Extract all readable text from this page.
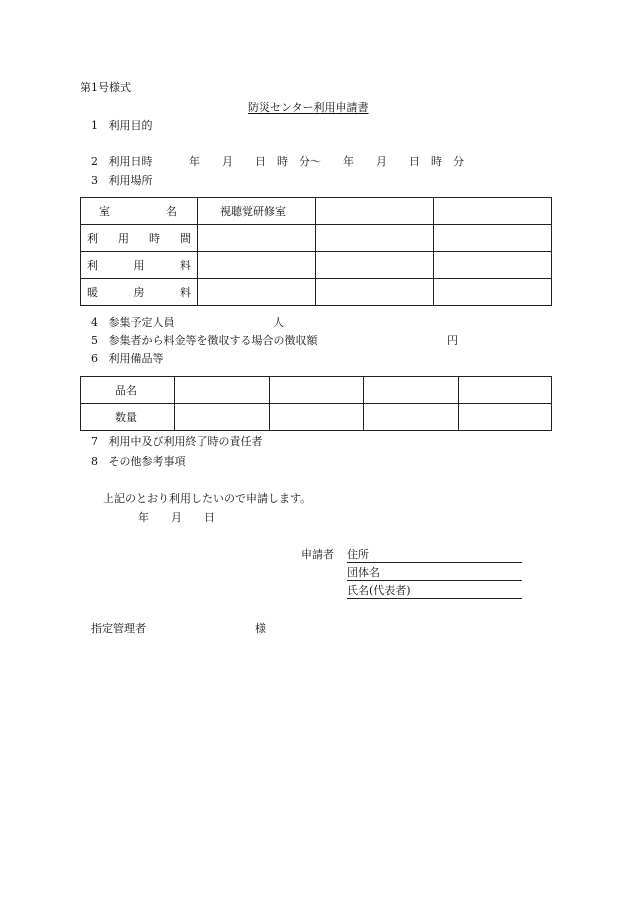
第1号様式
防災センター利用申請書
1 利用目的
2 利用日時	年　　月　　日　時　分〜　　年　　月　　日　時　分
3 利用場所
室 名	視聴覚研修室		

利 用 時 間			

利 用 料			

暖 房 料			

4 参集予定人員	人
5 参集者から料金等を徴収する場合の徴収額	円
6 利用備品等
品名				
数量				
7 利用中及び利用終了時の責任者
8 その他参考事項
上記のとおり利用したいので申請します。
年　　月　　日
申請者 住所
団体名
氏名(代表者)
指定管理者	様
